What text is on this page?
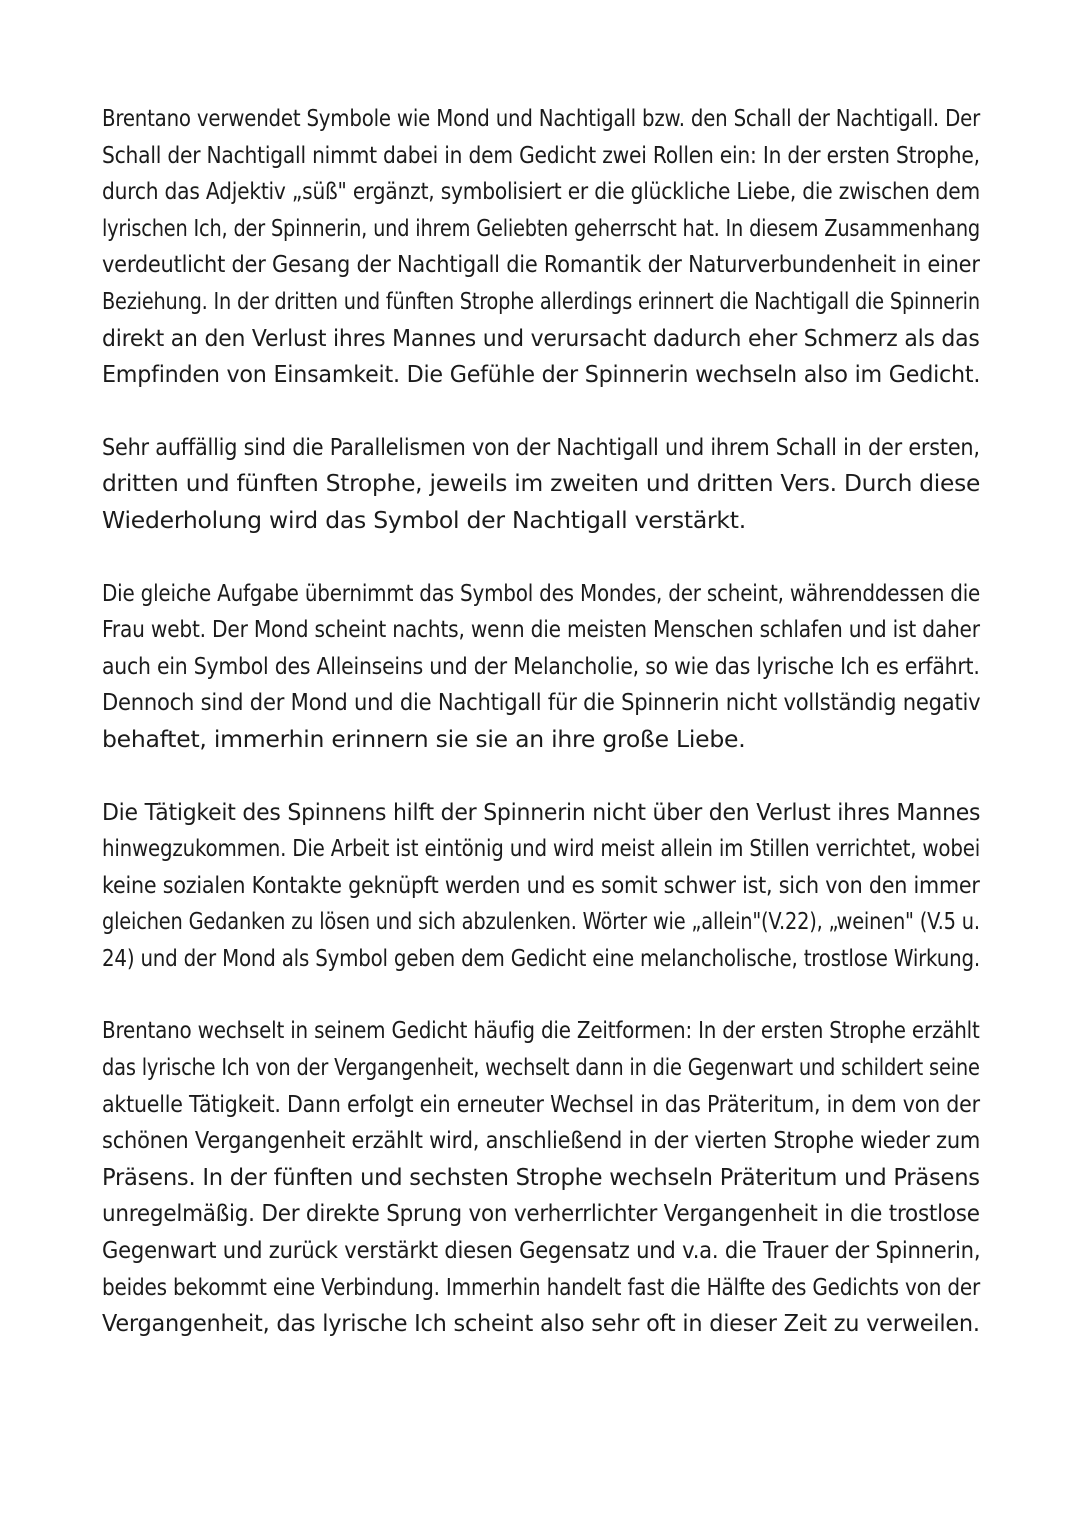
Brentano verwendet Symbole wie Mond und Nachtigall bzw. den Schall der Nachtigall. Der
Schall der Nachtigall nimmt dabei in dem Gedicht zwei Rollen ein: In der ersten Strophe,
durch das Adjektiv „süß" ergänzt, symbolisiert er die glückliche Liebe, die zwischen dem
lyrischen Ich, der Spinnerin, und ihrem Geliebten geherrscht hat. In diesem Zusammenhang
verdeutlicht der Gesang der Nachtigall die Romantik der Naturverbundenheit in einer
Beziehung. In der dritten und fünften Strophe allerdings erinnert die Nachtigall die Spinnerin
direkt an den Verlust ihres Mannes und verursacht dadurch eher Schmerz als das
Empfinden von Einsamkeit. Die Gefühle der Spinnerin wechseln also im Gedicht.
Sehr auffällig sind die Parallelismen von der Nachtigall und ihrem Schall in der ersten,
dritten und fünften Strophe, jeweils im zweiten und dritten Vers. Durch diese
Wiederholung wird das Symbol der Nachtigall verstärkt.
Die gleiche Aufgabe übernimmt das Symbol des Mondes, der scheint, währenddessen die
Frau webt. Der Mond scheint nachts, wenn die meisten Menschen schlafen und ist daher
auch ein Symbol des Alleinseins und der Melancholie, so wie das lyrische Ich es erfährt.
Dennoch sind der Mond und die Nachtigall für die Spinnerin nicht vollständig negativ
behaftet, immerhin erinnern sie sie an ihre große Liebe.
Die Tätigkeit des Spinnens hilft der Spinnerin nicht über den Verlust ihres Mannes
hinwegzukommen. Die Arbeit ist eintönig und wird meist allein im Stillen verrichtet, wobei
keine sozialen Kontakte geknüpft werden und es somit schwer ist, sich von den immer
gleichen Gedanken zu lösen und sich abzulenken. Wörter wie „allein"(V.22), „weinen" (V.5 u.
24) und der Mond als Symbol geben dem Gedicht eine melancholische, trostlose Wirkung.
Brentano wechselt in seinem Gedicht häufig die Zeitformen: In der ersten Strophe erzählt
das lyrische Ich von der Vergangenheit, wechselt dann in die Gegenwart und schildert seine
aktuelle Tätigkeit. Dann erfolgt ein erneuter Wechsel in das Präteritum, in dem von der
schönen Vergangenheit erzählt wird, anschließend in der vierten Strophe wieder zum
Präsens. In der fünften und sechsten Strophe wechseln Präteritum und Präsens
unregelmäßig. Der direkte Sprung von verherrlichter Vergangenheit in die trostlose
Gegenwart und zurück verstärkt diesen Gegensatz und v.a. die Trauer der Spinnerin,
beides bekommt eine Verbindung. Immerhin handelt fast die Hälfte des Gedichts von der
Vergangenheit, das lyrische Ich scheint also sehr oft in dieser Zeit zu verweilen.
